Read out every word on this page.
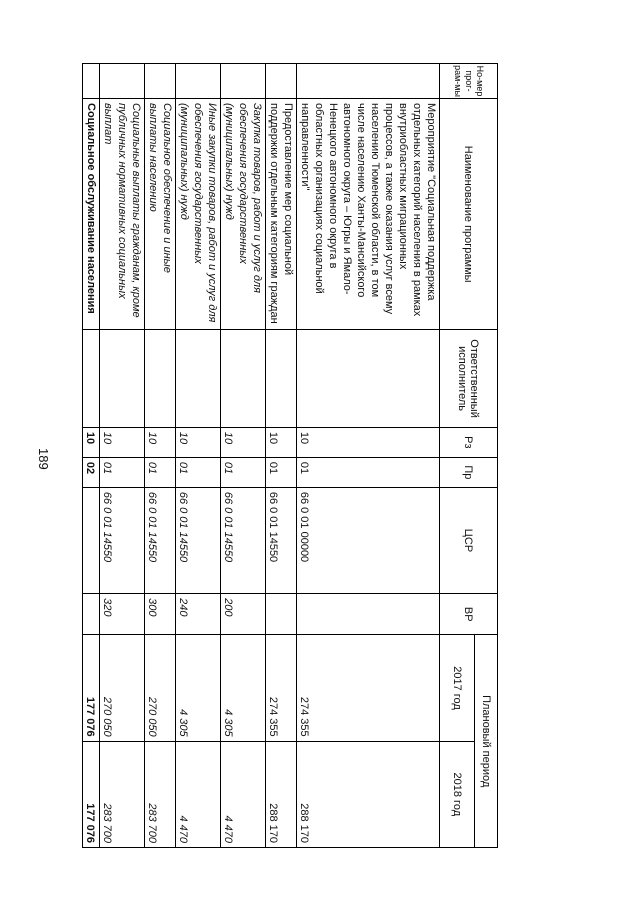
189
Но-мер прог-рам-мы	Наименование программы	Ответственный исполнитель	Рз	Пр	ЦСР	ВР	Плановый период	
							2017 год	2018 год
	Мероприятие "Социальная поддержка отдельных категорий населения в рамках внутриобластных миграционных процессов, а также оказания услуг всему населению Тюменской области, в том числе населению Ханты-Мансийского автономного округа – Югры и Ямало-Ненецкого автономного округа в областных организациях социальной направленности"		10	01	66 0 01 00000		274 355	288 170
	Предоставление мер социальной поддержки отдельным категориям граждан		10	01	66 0 01 14550		274 355	288 170
	Закупка товаров, работ и услуг для обеспечения государственных (муниципальных) нужд		10	01	66 0 01 14550	200	4 305	4 470
	Иные закупки товаров, работ и услуг для обеспечения государственных (муниципальных) нужд		10	01	66 0 01 14550	240	4 305	4 470
	Социальное обеспечение и иные выплаты населению		10	01	66 0 01 14550	300	270 050	283 700
	Социальные выплаты гражданам, кроме публичных нормативных социальных выплат		10	01	66 0 01 14550	320	270 050	283 700
	Социальное обслуживание населения		10	02			177 076	177 076
